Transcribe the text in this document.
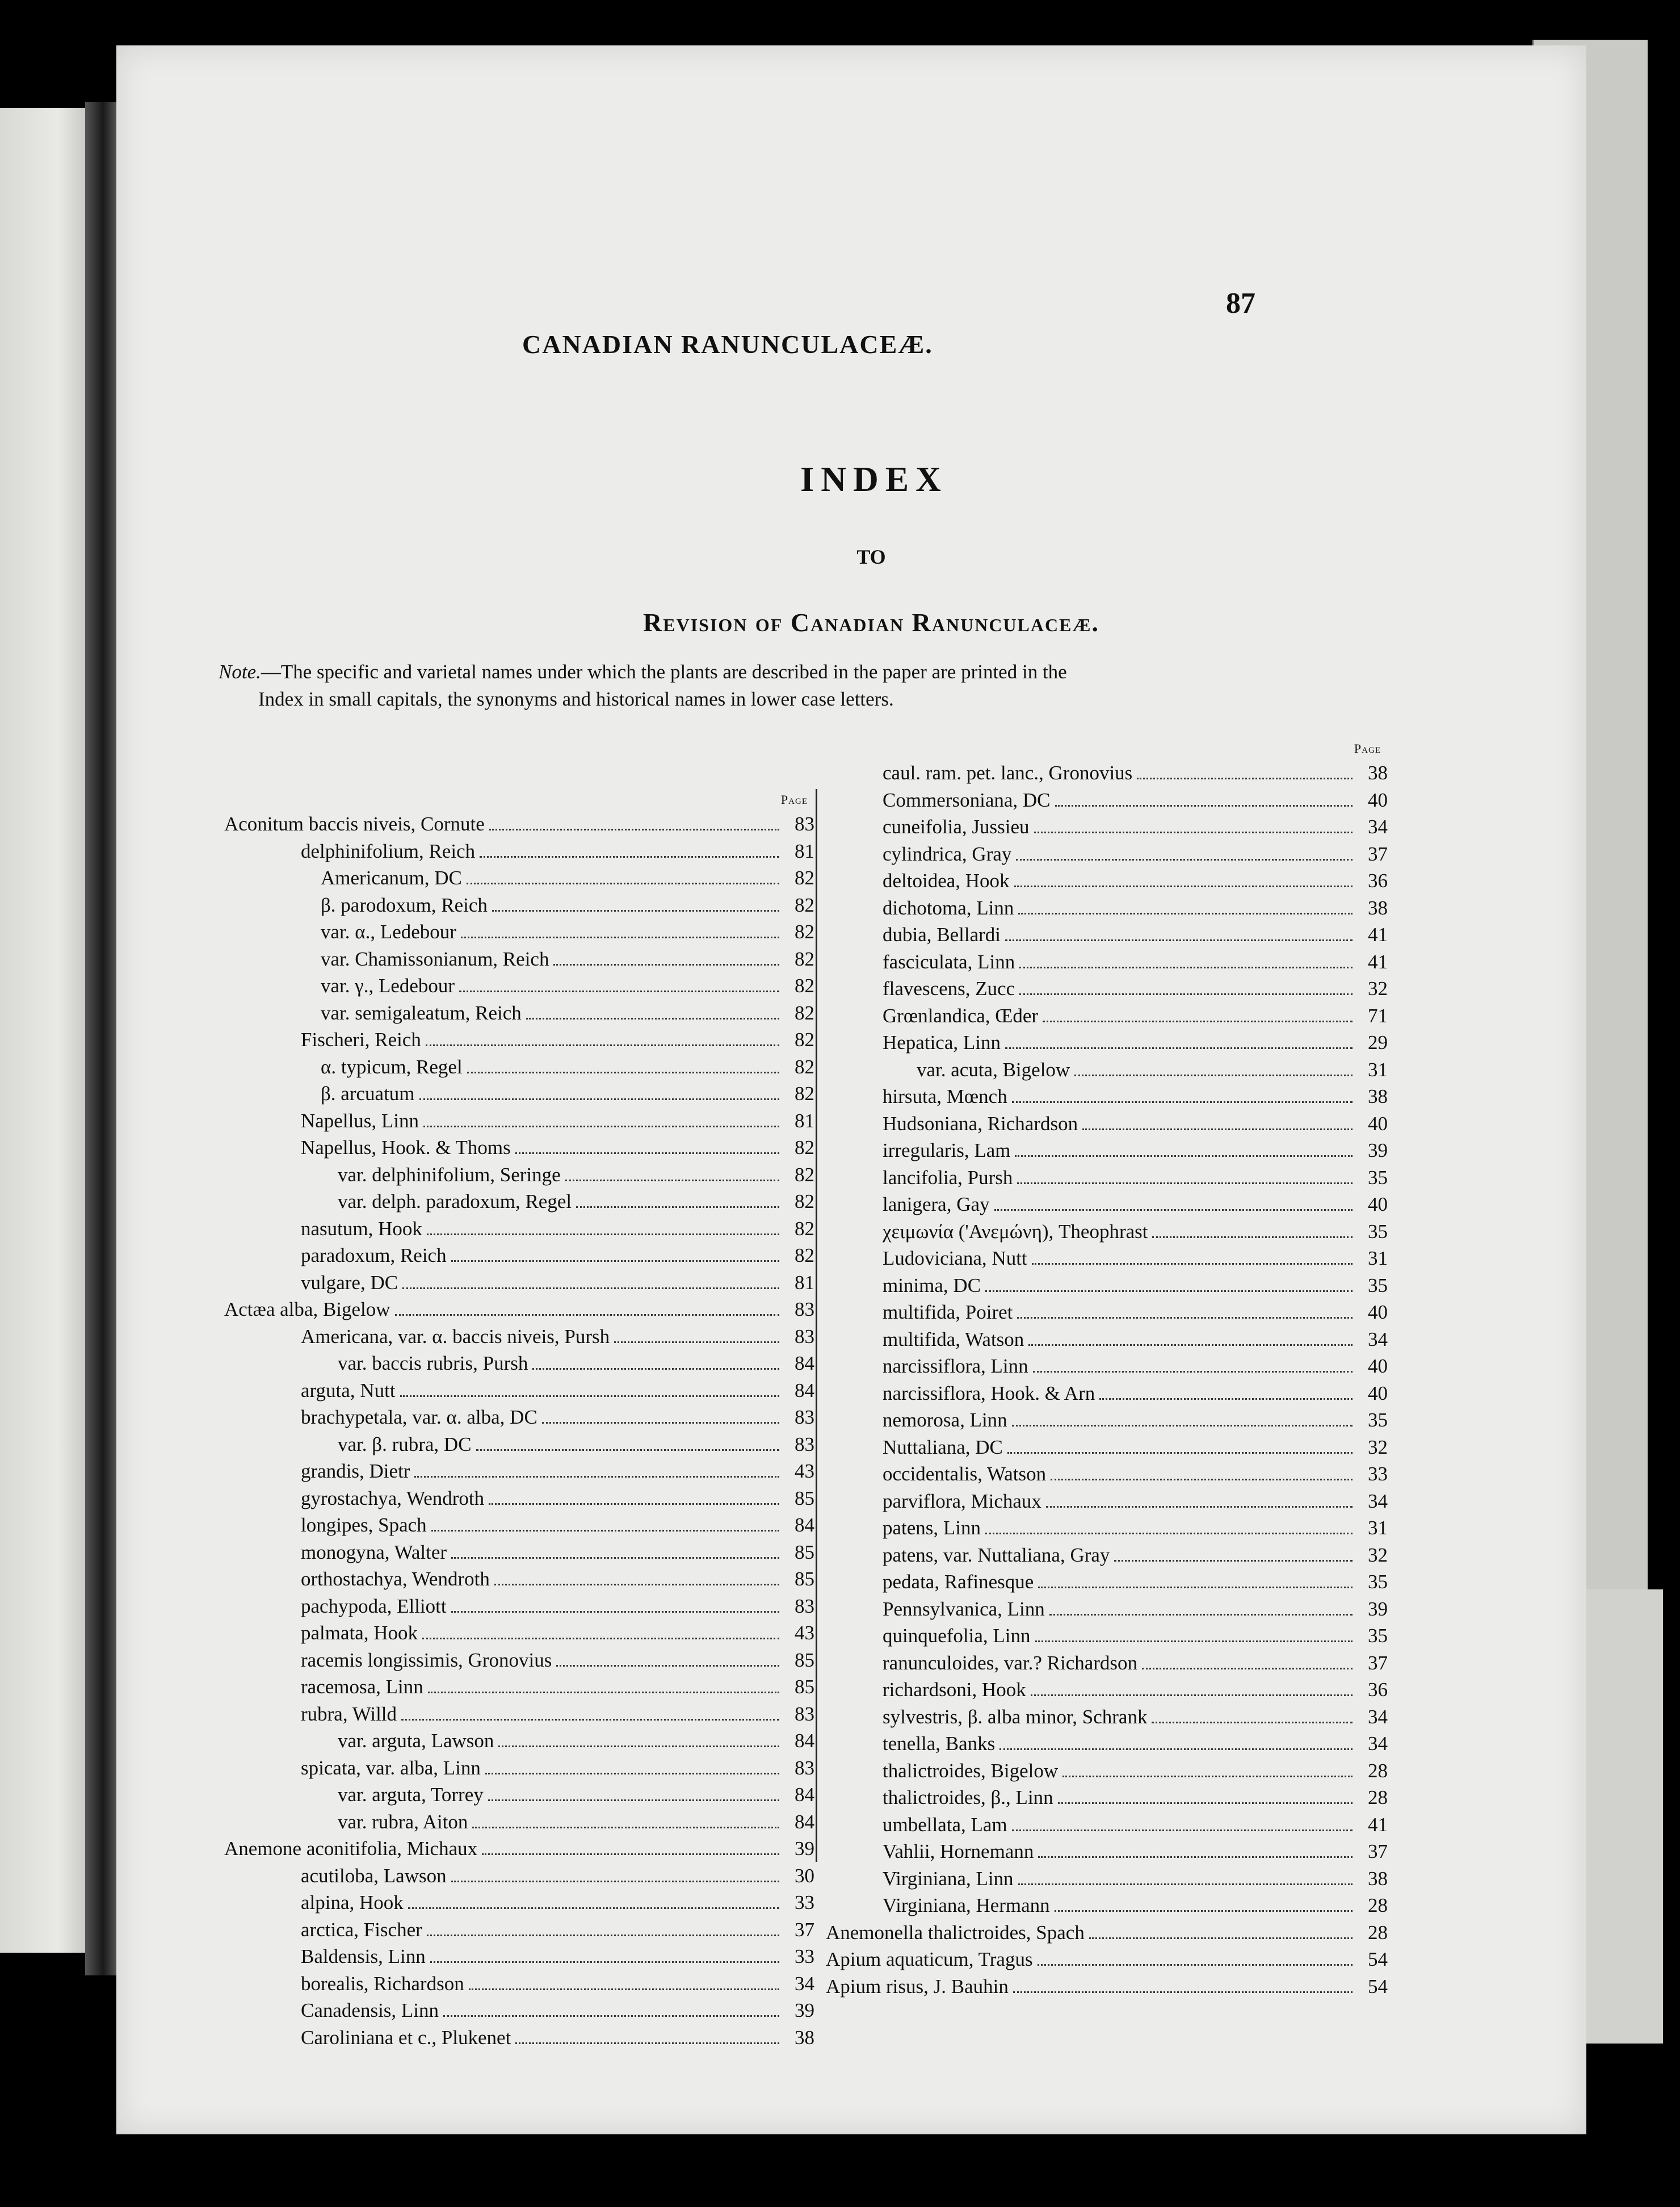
CANADIAN RANUNCULACEÆ.
87
INDEX
TO
Revision of Canadian Ranunculaceæ.
Note.—The specific and varietal names under which the plants are described in the paper are printed in the
Index in small capitals, the synonyms and historical names in lower case letters.
Page
Aconitum baccis niveis, Cornute	83
delphinifolium, Reich	81
Americanum, DC	82
β. parodoxum, Reich	82
var. α., Ledebour	82
var. Chamissonianum, Reich	82
var. γ., Ledebour	82
var. semigaleatum, Reich	82
Fischeri, Reich	82
α. typicum, Regel	82
β. arcuatum	82
Napellus, Linn	81
Napellus, Hook. & Thoms	82
var. delphinifolium, Seringe	82
var. delph. paradoxum, Regel	82
nasutum, Hook	82
paradoxum, Reich	82
vulgare, DC	81
Actæa alba, Bigelow	83
Americana, var. α. baccis niveis, Pursh	83
var. baccis rubris, Pursh	84
arguta, Nutt	84
brachypetala, var. α. alba, DC	83
var. β. rubra, DC	83
grandis, Dietr	43
gyrostachya, Wendroth	85
longipes, Spach	84
monogyna, Walter	85
orthostachya, Wendroth	85
pachypoda, Elliott	83
palmata, Hook	43
racemis longissimis, Gronovius	85
racemosa, Linn	85
rubra, Willd	83
var. arguta, Lawson	84
spicata, var. alba, Linn	83
var. arguta, Torrey	84
var. rubra, Aiton	84
Anemone aconitifolia, Michaux	39
acutiloba, Lawson	30
alpina, Hook	33
arctica, Fischer	37
Baldensis, Linn	33
borealis, Richardson	34
Canadensis, Linn	39
Caroliniana et c., Plukenet	38
Page
caul. ram. pet. lanc., Gronovius	38
Commersoniana, DC	40
cuneifolia, Jussieu	34
cylindrica, Gray	37
deltoidea, Hook	36
dichotoma, Linn	38
dubia, Bellardi	41
fasciculata, Linn	41
flavescens, Zucc	32
Grœnlandica, Œder	71
Hepatica, Linn	29
var. acuta, Bigelow	31
hirsuta, Mœnch	38
Hudsoniana, Richardson	40
irregularis, Lam	39
lancifolia, Pursh	35
lanigera, Gay	40
χειμωνία ('Ανεμώνη), Theophrast	35
Ludoviciana, Nutt	31
minima, DC	35
multifida, Poiret	40
multifida, Watson	34
narcissiflora, Linn	40
narcissiflora, Hook. & Arn	40
nemorosa, Linn	35
Nuttaliana, DC	32
occidentalis, Watson	33
parviflora, Michaux	34
patens, Linn	31
patens, var. Nuttaliana, Gray	32
pedata, Rafinesque	35
Pennsylvanica, Linn	39
quinquefolia, Linn	35
ranunculoides, var.? Richardson	37
richardsoni, Hook	36
sylvestris, β. alba minor, Schrank	34
tenella, Banks	34
thalictroides, Bigelow	28
thalictroides, β., Linn	28
umbellata, Lam	41
Vahlii, Hornemann	37
Virginiana, Linn	38
Virginiana, Hermann	28
Anemonella thalictroides, Spach	28
Apium aquaticum, Tragus	54
Apium risus, J. Bauhin	54
